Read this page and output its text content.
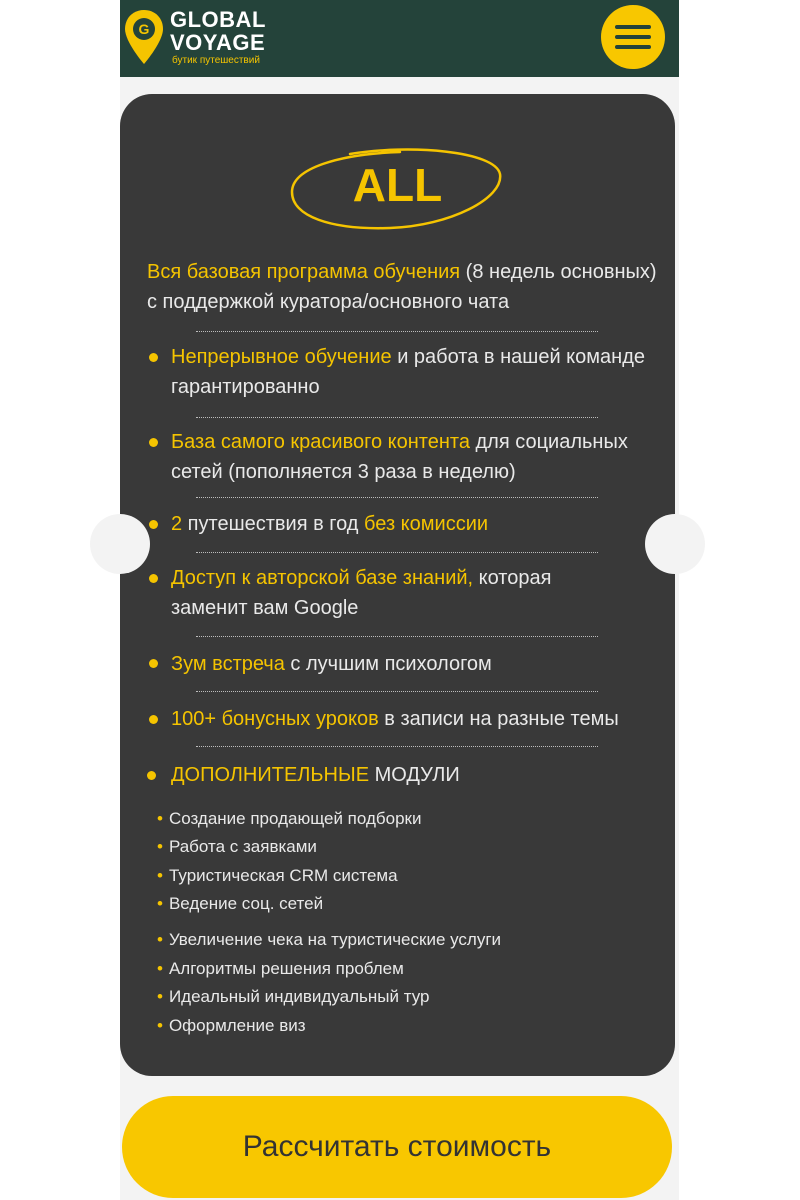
G GLOBAL
VOYAGE
бутик путешествий
ALL
Вся базовая программа обучения (8 недель основных) с поддержкой куратора/основного чата
Непрерывное обучение и работа в нашей команде гарантированно
База самого красивого контента для социальных сетей (пополняется 3 раза в неделю)
2 путешествия в год без комиссии
Доступ к авторской базе знаний, которая заменит вам Google
Зум встреча с лучшим психологом
100+ бонусных уроков в записи на разные темы
ДОПОЛНИТЕЛЬНЫЕ МОДУЛИ
• Создание продающей подборки
• Работа с заявками
• Туристическая CRM система
• Ведение соц. сетей
• Увеличение чека на туристические услуги
• Алгоритмы решения проблем
• Идеальный индивидуальный тур
• Оформление виз
Рассчитать стоимость
